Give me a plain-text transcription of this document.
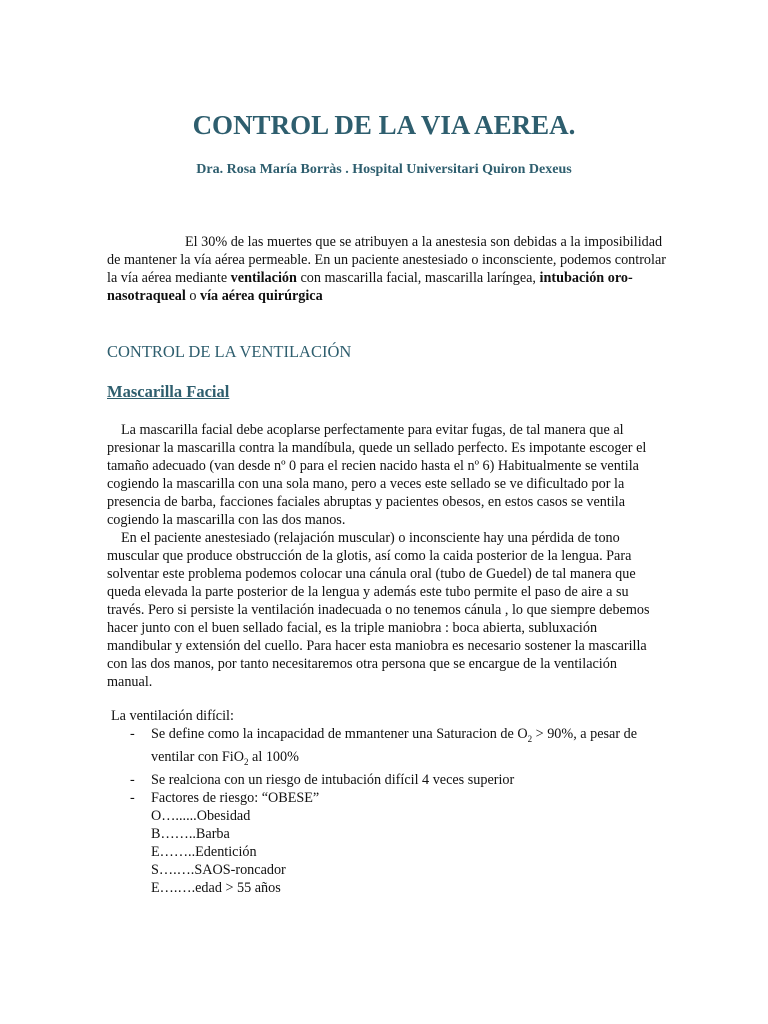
CONTROL DE LA VIA AEREA.
Dra. Rosa María Borràs . Hospital Universitari Quiron Dexeus
El 30% de las muertes que se atribuyen a la anestesia son debidas a la imposibilidad de mantener la vía aérea permeable. En un paciente anestesiado o inconsciente, podemos controlar la vía aérea mediante ventilación con mascarilla facial, mascarilla laríngea, intubación oro-nasotraqueal o vía aérea quirúrgica
CONTROL DE LA VENTILACIÓN
Mascarilla Facial

La mascarilla facial debe acoplarse perfectamente para evitar fugas, de tal manera que al presionar la mascarilla contra la mandíbula, quede un sellado perfecto. Es impotante escoger el tamaño adecuado (van desde nº 0 para el recien nacido hasta el nº 6) Habitualmente se ventila cogiendo la mascarilla con una sola mano, pero a veces este sellado se ve dificultado por la presencia de barba, facciones faciales abruptas y pacientes obesos, en estos casos se ventila cogiendo la mascarilla con las dos manos.

En el paciente anestesiado (relajación muscular) o inconsciente hay una pérdida de tono muscular que produce obstrucción de la glotis, así como la caida posterior de la lengua. Para solventar este problema podemos colocar una cánula oral (tubo de Guedel) de tal manera que queda elevada la parte posterior de la lengua y además este tubo permite el paso de aire a su través. Pero si persiste la ventilación inadecuada o no tenemos cánula , lo que siempre debemos hacer junto con el buen sellado facial, es la triple maniobra : boca abierta, subluxación mandibular y extensión del cuello. Para hacer esta maniobra es necesario sostener la mascarilla con las dos manos, por tanto necesitaremos otra persona que se encargue de la ventilación manual.

La ventilación difícil:
- Se define como la incapacidad de mmantener una Saturacion de $O_2 > 90\%$, a pesar de ventilar con FiO$_2$ al 100%
- Se realciona con un riesgo de intubación difícil 4 veces superior
- Factores de riesgo: “OBESE”
O…......Obesidad
B……..Barba
E……..Edentición
S….….SAOS-roncador
E….….edad > 55 años
